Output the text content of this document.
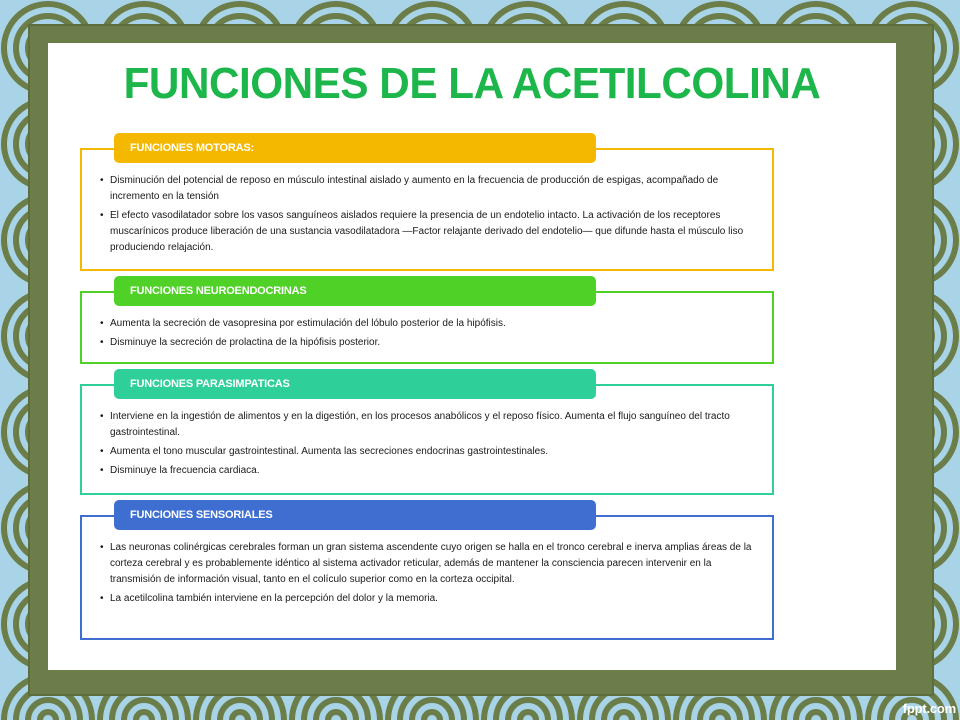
FUNCIONES DE LA ACETILCOLINA
FUNCIONES MOTORAS:
• Disminución del potencial de reposo en músculo intestinal aislado y aumento en la frecuencia de producción de espigas, acompañado de incremento en la tensión
• El efecto vasodilatador sobre los vasos sanguíneos aislados requiere la presencia de un endotelio intacto. La activación de los receptores muscarínicos produce liberación de una sustancia vasodilatadora —Factor relajante derivado del endotelio— que difunde hasta el músculo liso produciendo relajación.
FUNCIONES NEUROENDOCRINAS
• Aumenta la secreción de vasopresina por estimulación del lóbulo posterior de la hipófisis.
• Disminuye la secreción de prolactina de la hipófisis posterior.
FUNCIONES PARASIMPATICAS
• Interviene en la ingestión de alimentos y en la digestión, en los procesos anabólicos y el reposo físico. Aumenta el flujo sanguíneo del tracto gastrointestinal.
• Aumenta el tono muscular gastrointestinal. Aumenta las secreciones endocrinas gastrointestinales.
• Disminuye la frecuencia cardiaca.
FUNCIONES SENSORIALES
• Las neuronas colinérgicas cerebrales forman un gran sistema ascendente cuyo origen se halla en el tronco cerebral e inerva amplias áreas de la corteza cerebral y es probablemente idéntico al sistema activador reticular, además de mantener la consciencia parecen intervenir en la transmisión de información visual, tanto en el colículo superior como en la corteza occipital.
• La acetilcolina también interviene en la percepción del dolor y la memoria.
fppt.com
